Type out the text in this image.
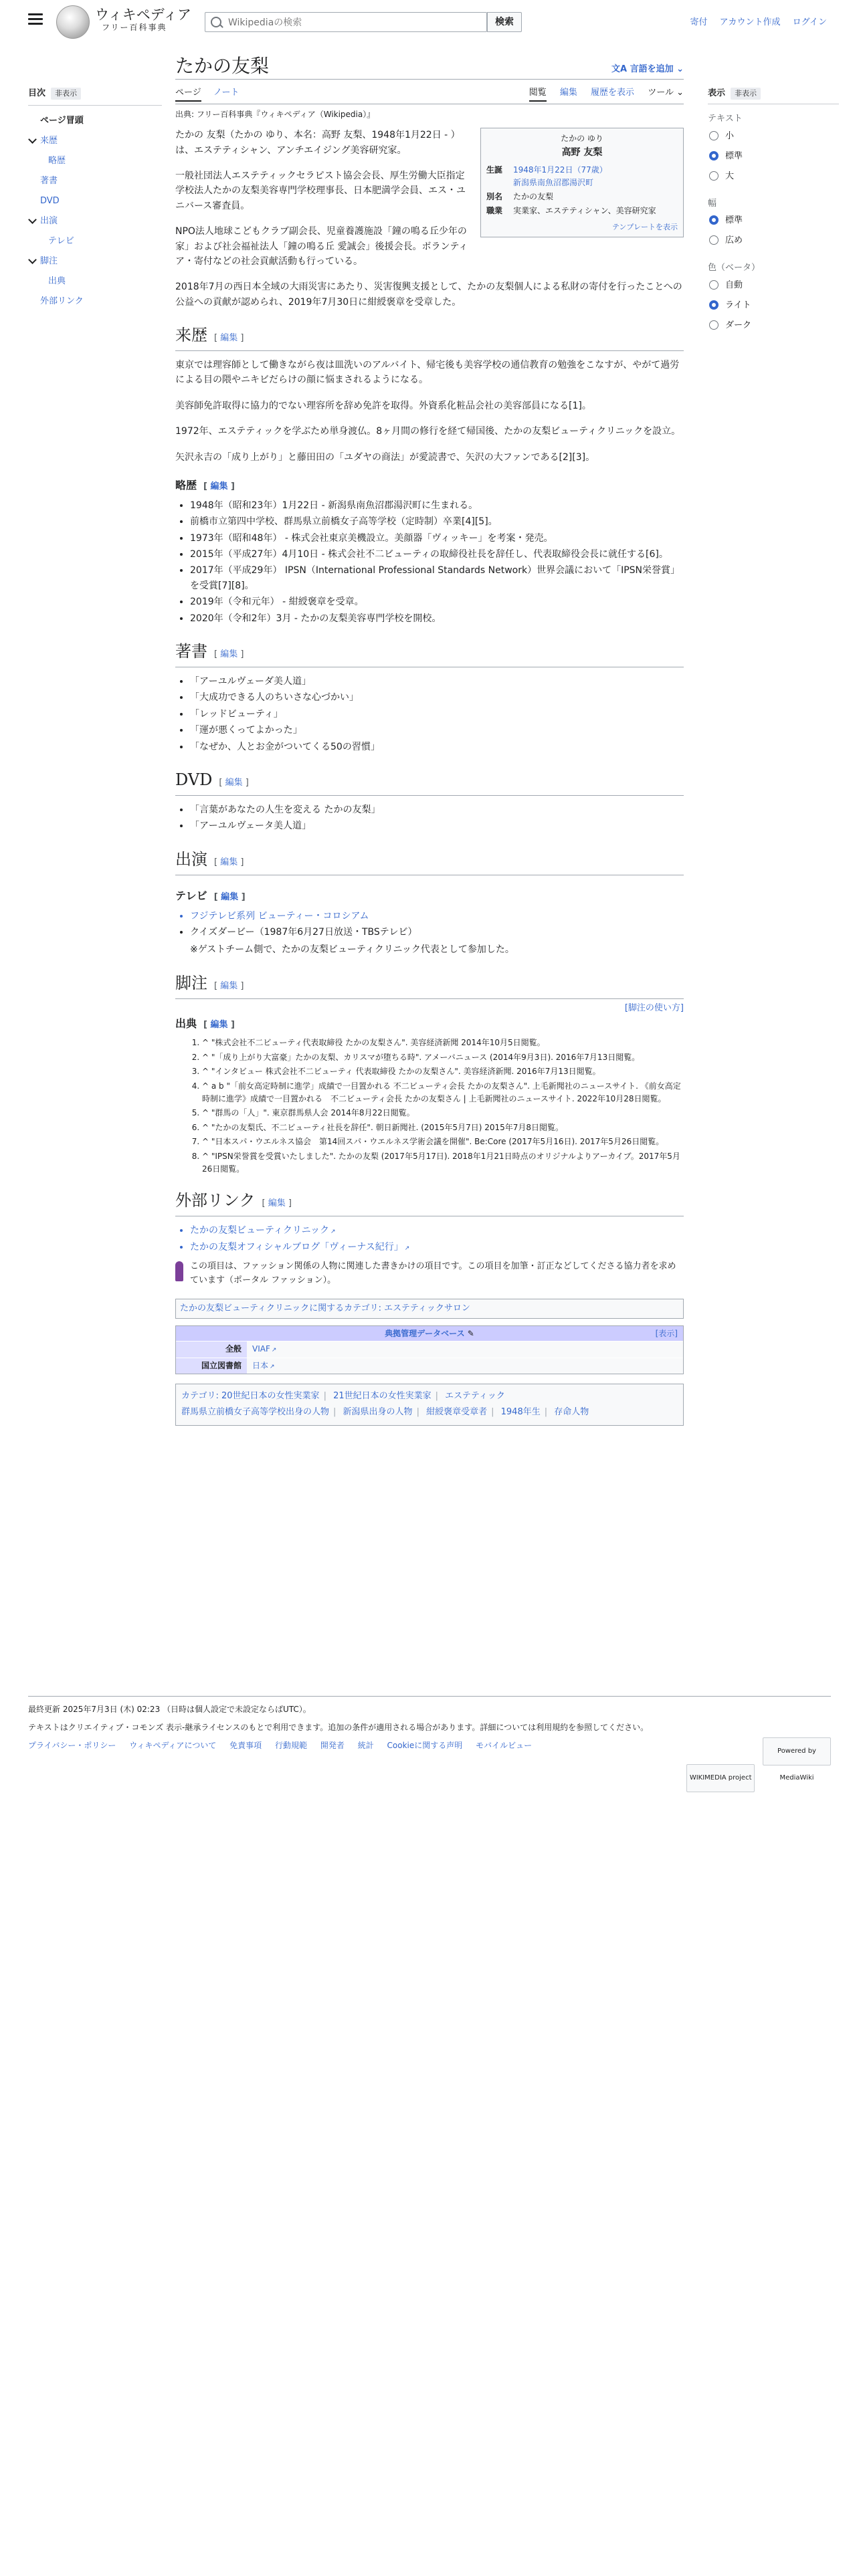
ウィキペディア
フリー百科事典
Wikipediaの検索	検索	寄付 アカウント作成 ログイン
目次 非表示
ページ冒頭
来歴
略歴
著書
DVD
出演
テレビ
脚注
出典
外部リンク
表示 非表示
テキスト
小
標準
大
幅
標準
広め
色（ベータ）
自動
ライト
ダーク
たかの友梨	文A 言語を追加 ⌄
ページ ノート	閲覧 編集 履歴を表示 ツール ⌄
出典: フリー百科事典『ウィキペディア（Wikipedia）』
たかの ゆり
高野 友梨
生誕	1948年1月22日（77歳）
新潟県南魚沼郡湯沢町
別名	たかの友梨
職業	実業家、エステティシャン、美容研究家
テンプレートを表示

たかの 友梨（たかの ゆり、本名：高野 友梨、1948年1月22日 - ）は、エステティシャン、アンチエイジング美容研究家。

一般社団法人エステティックセラピスト協会会長、厚生労働大臣指定学校法人たかの友梨美容専門学校理事長、日本肥満学会員、エス・ユニバース審査員。

NPO法人地球こどもクラブ副会長、児童養護施設「鐘の鳴る丘少年の家」および社会福祉法人「鐘の鳴る丘 愛誠会」後援会長。ボランティア・寄付などの社会貢献活動も行っている。

2018年7月の西日本全域の大雨災害にあたり、災害復興支援として、たかの友梨個人による私財の寄付を行ったことへの公益への貢献が認められ、2019年7月30日に紺綬褒章を受章した。

来歴 [ 編集 ]

東京では理容師として働きながら夜は皿洗いのアルバイト、帰宅後も美容学校の通信教育の勉強をこなすが、やがて過労による目の隈やニキビだらけの顔に悩まされるようになる。

美容師免許取得に協力的でない理容所を辞め免許を取得。外資系化粧品会社の美容部員になる[1]。

1972年、エステティックを学ぶため単身渡仏。8ヶ月間の修行を経て帰国後、たかの友梨ビューティクリニックを設立。

矢沢永吉の「成り上がり」と藤田田の「ユダヤの商法」が愛読書で、矢沢の大ファンである[2][3]。

略歴 [ 編集 ]
• 1948年（昭和23年）1月22日 - 新潟県南魚沼郡湯沢町に生まれる。
• 前橋市立第四中学校、群馬県立前橋女子高等学校（定時制）卒業[4][5]。
• 1973年（昭和48年） - 株式会社東京美機設立。美顔器「ヴィッキー」を考案・発売。
• 2015年（平成27年）4月10日 - 株式会社不二ビューティの取締役社長を辞任し、代表取締役会長に就任する[6]。
• 2017年（平成29年） IPSN（International Professional Standards Network）世界会議において「IPSN栄誉賞」を受賞[7][8]。
• 2019年（令和元年） - 紺綬褒章を受章。
• 2020年（令和2年）3月 - たかの友梨美容専門学校を開校。
著書 [ 編集 ]
• 「アーユルヴェーダ美人道」
• 「大成功できる人のちいさな心づかい」
• 「レッドビューティ」
• 「運が悪くってよかった」
• 「なぜか、人とお金がついてくる50の習慣」
DVD [ 編集 ]
• 「言葉があなたの人生を変える たかの友梨」
• 「アーユルヴェータ美人道」
出演 [ 編集 ]
テレビ [ 編集 ]
• フジテレビ系列 ビューティー・コロシアム
• クイズダービー（1987年6月27日放送・TBSテレビ）
※ゲストチーム側で、たかの友梨ビューティクリニック代表として参加した。
脚注 [ 編集 ]
[脚注の使い方]
出典 [ 編集 ]
1. ^ "株式会社不二ビューティ代表取締役 たかの友梨さん". 美容経済新聞 2014年10月5日閲覧。
2. ^ "「成り上がり大富豪」たかの友梨、カリスマが堕ちる時". アメーバニュース (2014年9月3日). 2016年7月13日閲覧。
3. ^ "インタビュー 株式会社不二ビューティ 代表取締役 たかの友梨さん". 美容経済新聞. 2016年7月13日閲覧。
4. ^ a b "「前女高定時制に進学」成績で一目置かれる 不二ビューティ会長 たかの友梨さん". 上毛新聞社のニュースサイト. 《前女高定時制に進学》成績で一目置かれる　不二ビューティ会長 たかの友梨さん | 上毛新聞社のニュースサイト. 2022年10月28日閲覧。
5. ^ "群馬の「人」". 東京群馬県人会 2014年8月22日閲覧。
6. ^ "たかの友梨氏、不二ビューティ社長を辞任". 朝日新聞社. (2015年5月7日) 2015年7月8日閲覧。
7. ^ "日本スパ・ウエルネス協会　第14回スパ・ウエルネス学術会議を開催". Be:Core (2017年5月16日). 2017年5月26日閲覧。
8. ^ "IPSN栄誉賞を受賞いたしました". たかの友梨 (2017年5月17日). 2018年1月21日時点のオリジナルよりアーカイブ。2017年5月26日閲覧。
外部リンク [ 編集 ]
• たかの友梨ビューティクリニック ↗
• たかの友梨オフィシャルブログ「ヴィーナス紀行」 ↗
この項目は、ファッション関係の人物に関連した書きかけの項目です。この項目を加筆・訂正などしてくださる協力者を求めています（ポータル ファッション）。
たかの友梨ビューティクリニックに関するカテゴリ: エステティックサロン
典拠管理データベース ✎	[表示]
全般	VIAF ↗
国立図書館	日本 ↗
カテゴリ: 20世紀日本の女性実業家 | 21世紀日本の女性実業家 | エステティック
群馬県立前橋女子高等学校出身の人物 | 新潟県出身の人物 | 紺綬褒章受章者 | 1948年生 | 存命人物
最終更新 2025年7月3日 (木) 02:23 （日時は個人設定で未設定ならばUTC）。
テキストはクリエイティブ・コモンズ 表示-継承ライセンスのもとで利用できます。追加の条件が適用される場合があります。詳細については利用規約を参照してください。
プライバシー・ポリシー ウィキペディアについて 免責事項 行動規範 開発者 統計 Cookieに関する声明 モバイルビュー
WIKIMEDIA project Powered by MediaWiki
